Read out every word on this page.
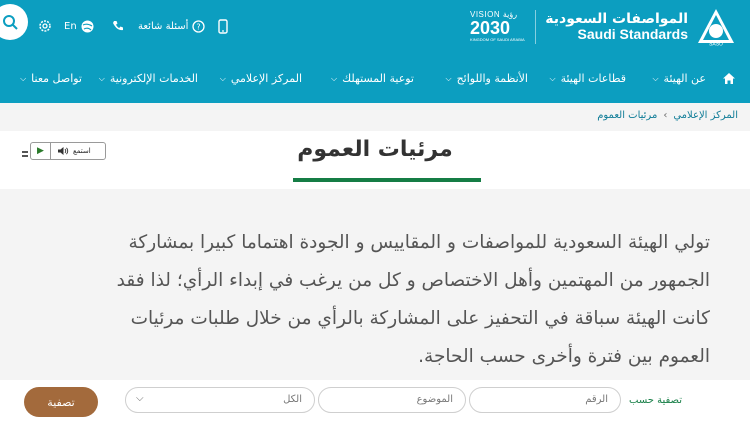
المواصفات السعودية
Saudi Standards
SASO
VISION رؤية
2030
KINGDOM OF SAUDI ARABIA
En	أسئلة شائعة ?
عن الهيئة
⌵
قطاعات الهيئة
⌵
الأنظمة واللوائح
⌵
توعية المستهلك
⌵
المركز الإعلامي
⌵
الخدمات الإلكترونية
⌵
تواصل معنا
⌵
المركز الإعلامي
›
مرئيات العموم
مرئيات العموم
▶	استمع

تولي الهيئة السعودية للمواصفات و المقاييس و الجودة اهتماما كبيرا بمشاركة الجمهور من المهتمين وأهل الاختصاص و كل من يرغب في إبداء الرأي؛ لذا فقد كانت الهيئة سباقة في التحفيز على المشاركة بالرأي من خلال طلبات مرئيات العموم بين فترة وأخرى حسب الحاجة.

تصفية حسب
الرقم
الموضوع
الكل
⌵
تصفية
